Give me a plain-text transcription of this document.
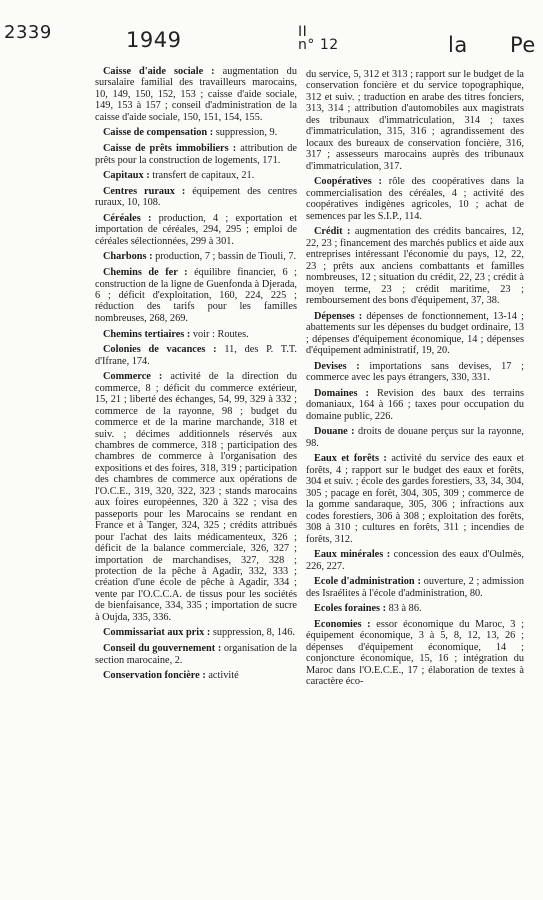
2339	1949	II
n° 12	la Pe

Caisse d'aide sociale : augmentation du sursalaire familial des travailleurs marocains, 10, 149, 150, 152, 153 ; caisse d'aide sociale, 149, 153 à 157 ; conseil d'administration de la caisse d'aide sociale, 150, 151, 154, 155.

Caisse de compensation : suppression, 9.

Caisse de prêts immobiliers : attribution de prêts pour la construction de logements, 171.

Capitaux : transfert de capitaux, 21.

Centres ruraux : équipement des centres ruraux, 10, 108.

Céréales : production, 4 ; exportation et importation de céréales, 294, 295 ; emploi de céréales sélectionnées, 299 à 301.

Charbons : production, 7 ; bassin de Tiouli, 7.

Chemins de fer : équilibre financier, 6 ; construction de la ligne de Guenfonda à Djerada, 6 ; déficit d'exploitation, 160, 224, 225 ; réduction des tarifs pour les familles nombreuses, 268, 269.

Chemins tertiaires : voir : Routes.

Colonies de vacances : 11, des P. T.T. d'Ifrane, 174.

Commerce : activité de la direction du commerce, 8 ; déficit du commerce extérieur, 15, 21 ; liberté des échanges, 54, 99, 329 à 332 ; commerce de la rayonne, 98 ; budget du commerce et de la marine marchande, 318 et suiv. ; décimes additionnels réservés aux chambres de commerce, 318 ; participation des chambres de commerce à l'organisation des expositions et des foires, 318, 319 ; participation des chambres de commerce aux opérations de l'O.C.E., 319, 320, 322, 323 ; stands marocains aux foires européennes, 320 à 322 ; visa des passeports pour les Marocains se rendant en France et à Tanger, 324, 325 ; crédits attribués pour l'achat des laits médicamenteux, 326 ; déficit de la balance commerciale, 326, 327 ; importation de marchandises, 327, 328 ; protection de la pêche à Agadir, 332, 333 ; création d'une école de pêche à Agadir, 334 ; vente par l'O.C.C.A. de tissus pour les sociétés de bienfaisance, 334, 335 ; importation de sucre à Oujda, 335, 336.

Commissariat aux prix : suppression, 8, 146.

Conseil du gouvernement : organisation de la section marocaine, 2.

Conservation foncière : activité

du service, 5, 312 et 313 ; rapport sur le budget de la conservation foncière et du service topographique, 312 et suiv. ; traduction en arabe des titres fonciers, 313, 314 ; attribution d'automobiles aux magistrats des tribunaux d'immatriculation, 314 ; taxes d'immatriculation, 315, 316 ; agrandissement des locaux des bureaux de conservation foncière, 316, 317 ; assesseurs marocains auprès des tribunaux d'immatriculation, 317.

Coopératives : rôle des coopératives dans la commercialisation des céréales, 4 ; activité des coopératives indigènes agricoles, 10 ; achat de semences par les S.I.P., 114.

Crédit : augmentation des crédits bancaires, 12, 22, 23 ; financement des marchés publics et aide aux entreprises intéressant l'économie du pays, 12, 22, 23 ; prêts aux anciens combattants et familles nombreuses, 12 ; situation du crédit, 22, 23 ; crédit à moyen terme, 23 ; crédit maritime, 23 ; remboursement des bons d'équipement, 37, 38.

Dépenses : dépenses de fonctionnement, 13-14 ; abattements sur les dépenses du budget ordinaire, 13 ; dépenses d'équipement économique, 14 ; dépenses d'équipement administratif, 19, 20.

Devises : importations sans devises, 17 ; commerce avec les pays étrangers, 330, 331.

Domaines : Revision des baux des terrains domaniaux, 164 à 166 ; taxes pour occupation du domaine public, 226.

Douane : droits de douane perçus sur la rayonne, 98.

Eaux et forêts : activité du service des eaux et forêts, 4 ; rapport sur le budget des eaux et forêts, 304 et suiv. ; école des gardes forestiers, 33, 34, 304, 305 ; pacage en forêt, 304, 305, 309 ; commerce de la gomme sandaraque, 305, 306 ; infractions aux codes forestiers, 306 à 308 ; exploitation des forêts, 308 à 310 ; cultures en forêts, 311 ; incendies de forêts, 312.

Eaux minérales : concession des eaux d'Oulmès, 226, 227.

Ecole d'administration : ouverture, 2 ; admission des Israélites à l'école d'administration, 80.

Ecoles foraines : 83 à 86.

Economies : essor économique du Maroc, 3 ; équipement économique, 3 à 5, 8, 12, 13, 26 ; dépenses d'équipement économique, 14 ; conjoncture économique, 15, 16 ; intégration du Maroc dans l'O.E.C.E., 17 ; élaboration de textes à caractère éco-
